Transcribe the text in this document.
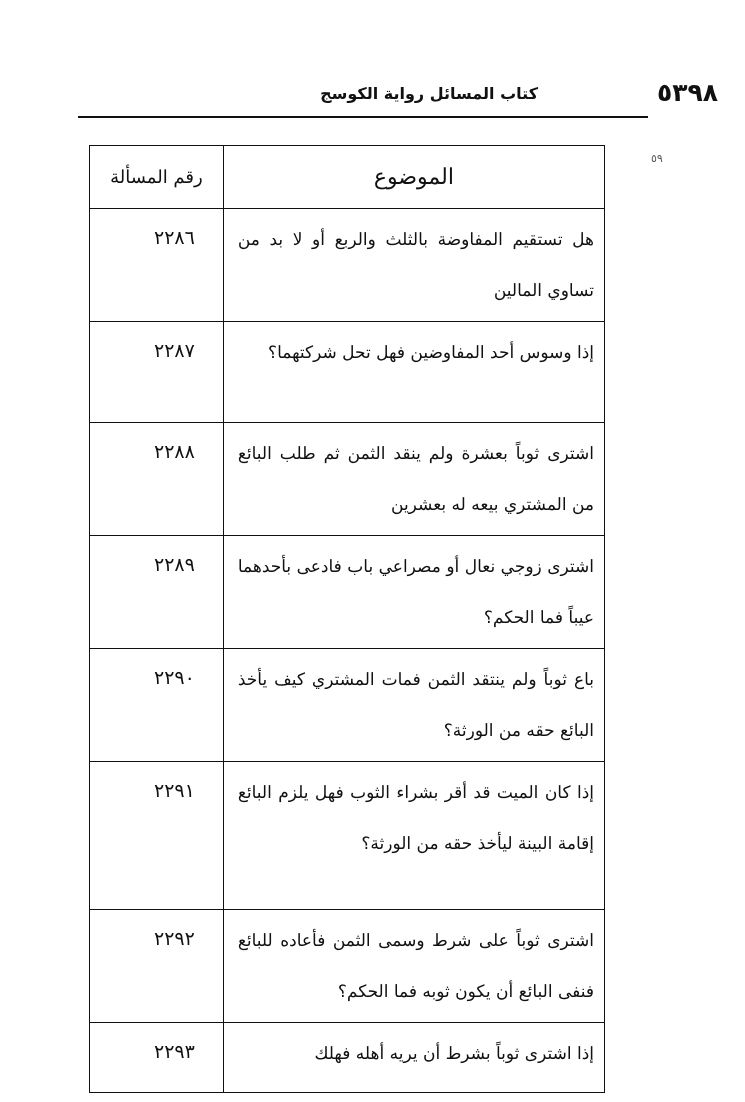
٥٣٩٨
كتاب المسائل رواية الكوسج
٥٩
الموضوع	رقم المسألة
هل تستقيم المفاوضة بالثلث والربع أو لا بد من تساوي المالين	٢٢٨٦
إذا وسوس أحد المفاوضين فهل تحل شركتهما؟	٢٢٨٧
اشترى ثوباً بعشرة ولم ينقد الثمن ثم طلب البائع من المشتري بيعه له بعشرين	٢٢٨٨
اشترى زوجي نعال أو مصراعي باب فادعى بأحدهما عيباً فما الحكم؟	٢٢٨٩
باع ثوباً ولم ينتقد الثمن فمات المشتري كيف يأخذ البائع حقه من الورثة؟	٢٢٩٠
إذا كان الميت قد أقر بشراء الثوب فهل يلزم البائع إقامة البينة ليأخذ حقه من الورثة؟	٢٢٩١
اشترى ثوباً على شرط وسمى الثمن فأعاده للبائع فنفى البائع أن يكون ثوبه فما الحكم؟	٢٢٩٢
إذا اشترى ثوباً بشرط أن يريه أهله فهلك	٢٢٩٣
